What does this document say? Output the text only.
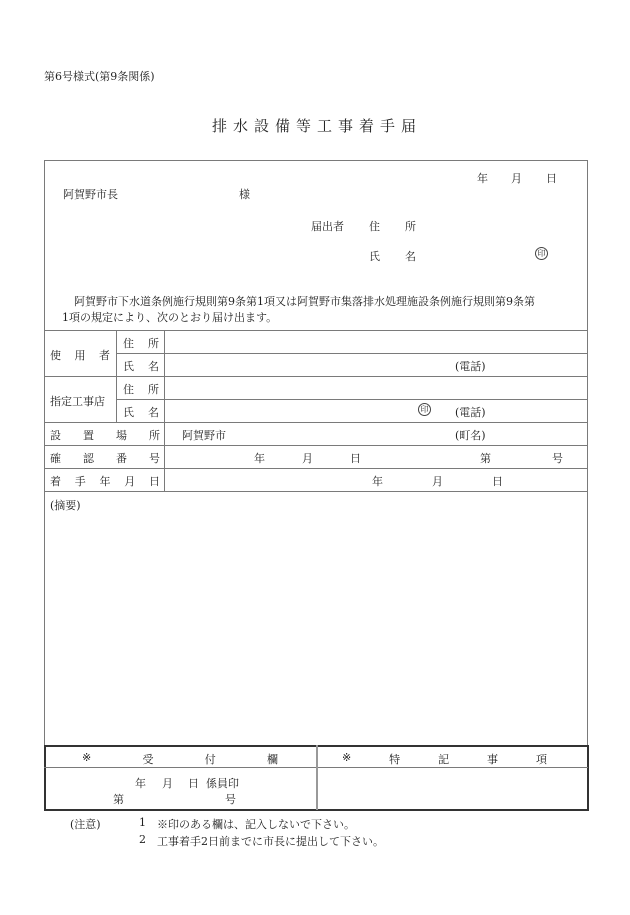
第6号様式(第9条関係)
排水設備等工事着手届
年 月 日
阿賀野市長	様
届出者 住 所
氏 名	印
阿賀野市下水道条例施行規則第9条第1項又は阿賀野市集落排水処理施設条例施行規則第9条第
1項の規定により、次のとおり届け出ます。
使 用 者
住 所
氏 名	(電話)
指定工事店
住 所
氏 名	印 (電話)
設 置 場 所 阿賀野市	(町名)
確 認 番 号	年	月	日	第	号
着 手 年 月 日	年	月	日
(摘要)
※	受	付	欄	※	特	記	事	項
年 月 日 係員印
第	号
(注意)	1 ※印のある欄は、記入しないで下さい。
2 工事着手2日前までに市長に提出して下さい。
